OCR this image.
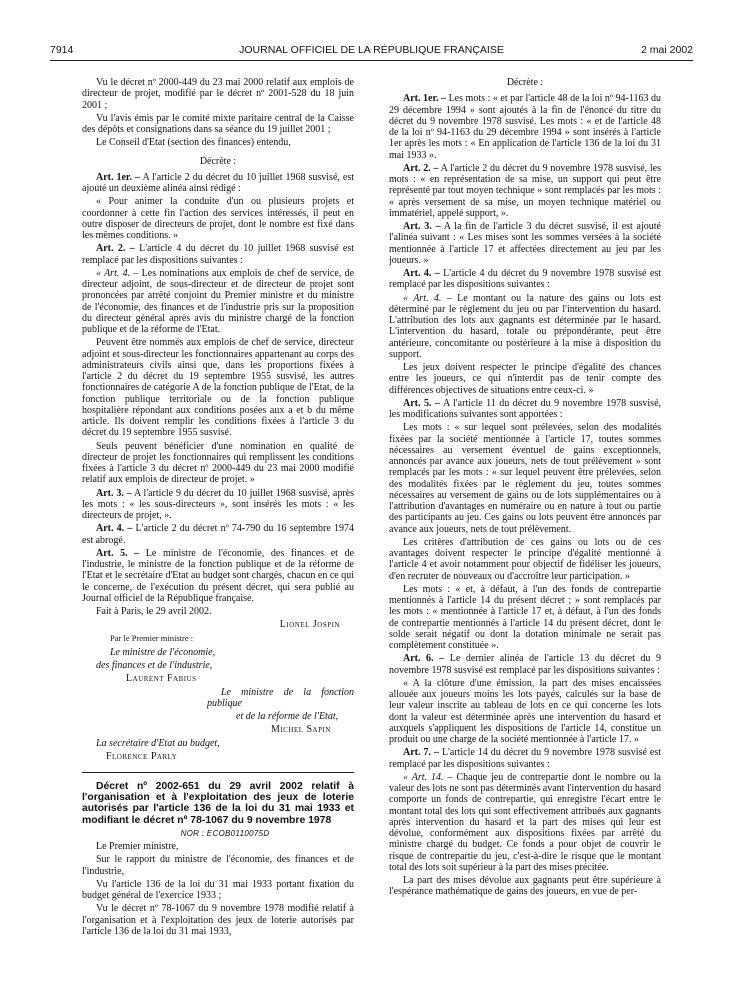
7914	JOURNAL OFFICIEL DE LA RÉPUBLIQUE FRANÇAISE	2 mai 2002

Vu le décret nº 2000-449 du 23 mai 2000 relatif aux emplois de directeur de projet, modifié par le décret nº 2001-528 du 18 juin 2001 ;

Vu l'avis émis par le comité mixte paritaire central de la Caisse des dépôts et consignations dans sa séance du 19 juillet 2001 ;

Le Conseil d'Etat (section des finances) entendu,

Décrète :

Art. 1er. – A l'article 2 du décret du 10 juillet 1968 susvisé, est ajouté un deuxième alinéa ainsi rédigé :

« Pour animer la conduite d'un ou plusieurs projets et coordonner à cette fin l'action des services intéressés, il peut en outre disposer de directeurs de projet, dont le nombre est fixé dans les mêmes conditions. »

Art. 2. – L'article 4 du décret du 10 juillet 1968 susvisé est remplacé par les dispositions suivantes :

« Art. 4. – Les nominations aux emplois de chef de service, de directeur adjoint, de sous-directeur et de directeur de projet sont prononcées par arrêté conjoint du Premier ministre et du ministre de l'économie, des finances et de l'industrie pris sur la proposition du directeur général après avis du ministre chargé de la fonction publique et de la réforme de l'Etat.

Peuvent être nommés aux emplois de chef de service, directeur adjoint et sous-directeur les fonctionnaires appartenant au corps des administrateurs civils ainsi que, dans les proportions fixées à l'article 2 du décret du 19 septembre 1955 susvisé, les autres fonctionnaires de catégorie A de la fonction publique de l'Etat, de la fonction publique territoriale ou de la fonction publique hospitalière répondant aux conditions posées aux a et b du même article. Ils doivent remplir les conditions fixées à l'article 3 du décret du 19 septembre 1955 susvisé.

Seuls peuvent bénéficier d'une nomination en qualité de directeur de projet les fonctionnaires qui remplissent les conditions fixées à l'article 3 du décret nº 2000-449 du 23 mai 2000 modifié relatif aux emplois de directeur de projet. »

Art. 3. – A l'article 9 du décret du 10 juillet 1968 susvisé, après les mots : « les sous-directeurs », sont insérés les mots : « les directeurs de projet, ».

Art. 4. – L'article 2 du décret nº 74-790 du 16 septembre 1974 est abrogé.

Art. 5. – Le ministre de l'économie, des finances et de l'industrie, le ministre de la fonction publique et de la réforme de l'Etat et le secrétaire d'Etat au budget sont chargés, chacun en ce qui le concerne, de l'exécution du présent décret, qui sera publié au Journal officiel de la République française.

Fait à Paris, le 29 avril 2002.

Lionel Jospin

Par le Premier ministre :

Le ministre de l'économie,

des finances et de l'industrie,

Laurent Fabius

Le ministre de la fonction publique

et de la réforme de l'Etat,

Michel Sapin

La secrétaire d'Etat au budget,

Florence Parly

Décret nº 2002-651 du 29 avril 2002 relatif à l'organisation et à l'exploitation des jeux de loterie autorisés par l'article 136 de la loi du 31 mai 1933 et modifiant le décret nº 78-1067 du 9 novembre 1978

NOR : ECOB0110075D

Le Premier ministre,

Sur le rapport du ministre de l'économie, des finances et de l'industrie,

Vu l'article 136 de la loi du 31 mai 1933 portant fixation du budget général de l'exercice 1933 ;

Vu le décret nº 78-1067 du 9 novembre 1978 modifié relatif à l'organisation et à l'exploitation des jeux de loterie autorisés par l'article 136 de la loi du 31 mai 1933,

Décrète :

Art. 1er. – Les mots : « et par l'article 48 de la loi nº 94-1163 du 29 décembre 1994 » sont ajoutés à la fin de l'énoncé du titre du décret du 9 novembre 1978 susvisé. Les mots : « et de l'article 48 de la loi nº 94-1163 du 29 décembre 1994 » sont insérés à l'article 1er après les mots : « En application de l'article 136 de la loi du 31 mai 1933 ».

Art. 2. – A l'article 2 du décret du 9 novembre 1978 susvisé, les mots : « en représentation de sa mise, un support qui peut être représenté par tout moyen technique » sont remplacés par les mots : « après versement de sa mise, un moyen technique matériel ou immatériel, appelé support, ».

Art. 3. – A la fin de l'article 3 du décret susvisé, il est ajouté l'alinéa suivant : « Les mises sont les sommes versées à la société mentionnée à l'article 17 et affectées directement au jeu par les joueurs. »

Art. 4. – L'article 4 du décret du 9 novembre 1978 susvisé est remplacé par les dispositions suivantes :

« Art. 4. – Le montant ou la nature des gains ou lots est déterminé par le règlement du jeu ou par l'intervention du hasard. L'attribution des lots aux gagnants est déterminée par le hasard. L'intervention du hasard, totale ou prépondérante, peut être antérieure, concomitante ou postérieure à la mise à disposition du support.

Les jeux doivent respecter le principe d'égalité des chances entre les joueurs, ce qui n'interdit pas de tenir compte des différences objectives de situations entre ceux-ci. »

Art. 5. – A l'article 11 du décret du 9 novembre 1978 susvisé, les modifications suivantes sont apportées :

Les mots : « sur lequel sont prélevées, selon des modalités fixées par la société mentionnée à l'article 17, toutes sommes nécessaires au versement éventuel de gains exceptionnels, annoncés par avance aux joueurs, nets de tout prélèvement » sont remplacés par les mots : « sur lequel peuvent être prélevées, selon des modalités fixées par le règlement du jeu, toutes sommes nécessaires au versement de gains ou de lots supplémentaires ou à l'attribution d'avantages en numéraire ou en nature à tout ou partie des participants au jeu. Ces gains ou lots peuvent être annoncés par avance aux joueurs, nets de tout prélèvement.

Les critères d'attribution de ces gains ou lots ou de ces avantages doivent respecter le principe d'égalité mentionné à l'article 4 et avoir notamment pour objectif de fidéliser les joueurs, d'en recruter de nouveaux ou d'accroître leur participation. »

Les mots : « et, à défaut, à l'un des fonds de contrepartie mentionnés à l'article 14 du présent décret ; » sont remplacés par les mots : « mentionnée à l'article 17 et, à défaut, à l'un des fonds de contrepartie mentionnés à l'article 14 du présent décret, dont le solde serait négatif ou dont la dotation minimale ne serait pas complètement constituée ».

Art. 6. – Le dernier alinéa de l'article 13 du décret du 9 novembre 1978 susvisé est remplacé par les dispositions suivantes :

« A la clôture d'une émission, la part des mises encaissées allouée aux joueurs moins les lots payés, calculés sur la base de leur valeur inscrite au tableau de lots en ce qui concerne les lots dont la valeur est déterminée après une intervention du hasard et auxquels s'appliquent les dispositions de l'article 14, constitue un produit ou une charge de la société mentionnée à l'article 17. »

Art. 7. – L'article 14 du décret du 9 novembre 1978 susvisé est remplacé par les dispositions suivantes :

« Art. 14. – Chaque jeu de contrepartie dont le nombre ou la valeur des lots ne sont pas déterminés avant l'intervention du hasard comporte un fonds de contrepartie, qui enregistre l'écart entre le montant total des lots qui sont effectivement attribués aux gagnants après intervention du hasard et la part des mises qui leur est dévolue, conformément aux dispositions fixées par arrêté du ministre chargé du budget. Ce fonds a pour objet de couvrir le risque de contrepartie du jeu, c'est-à-dire le risque que le montant total des lots soit supérieur à la part des mises précitée.

La part des mises dévolue aux gagnants peut être supérieure à l'espérance mathématique de gains des joueurs, en vue de per-
